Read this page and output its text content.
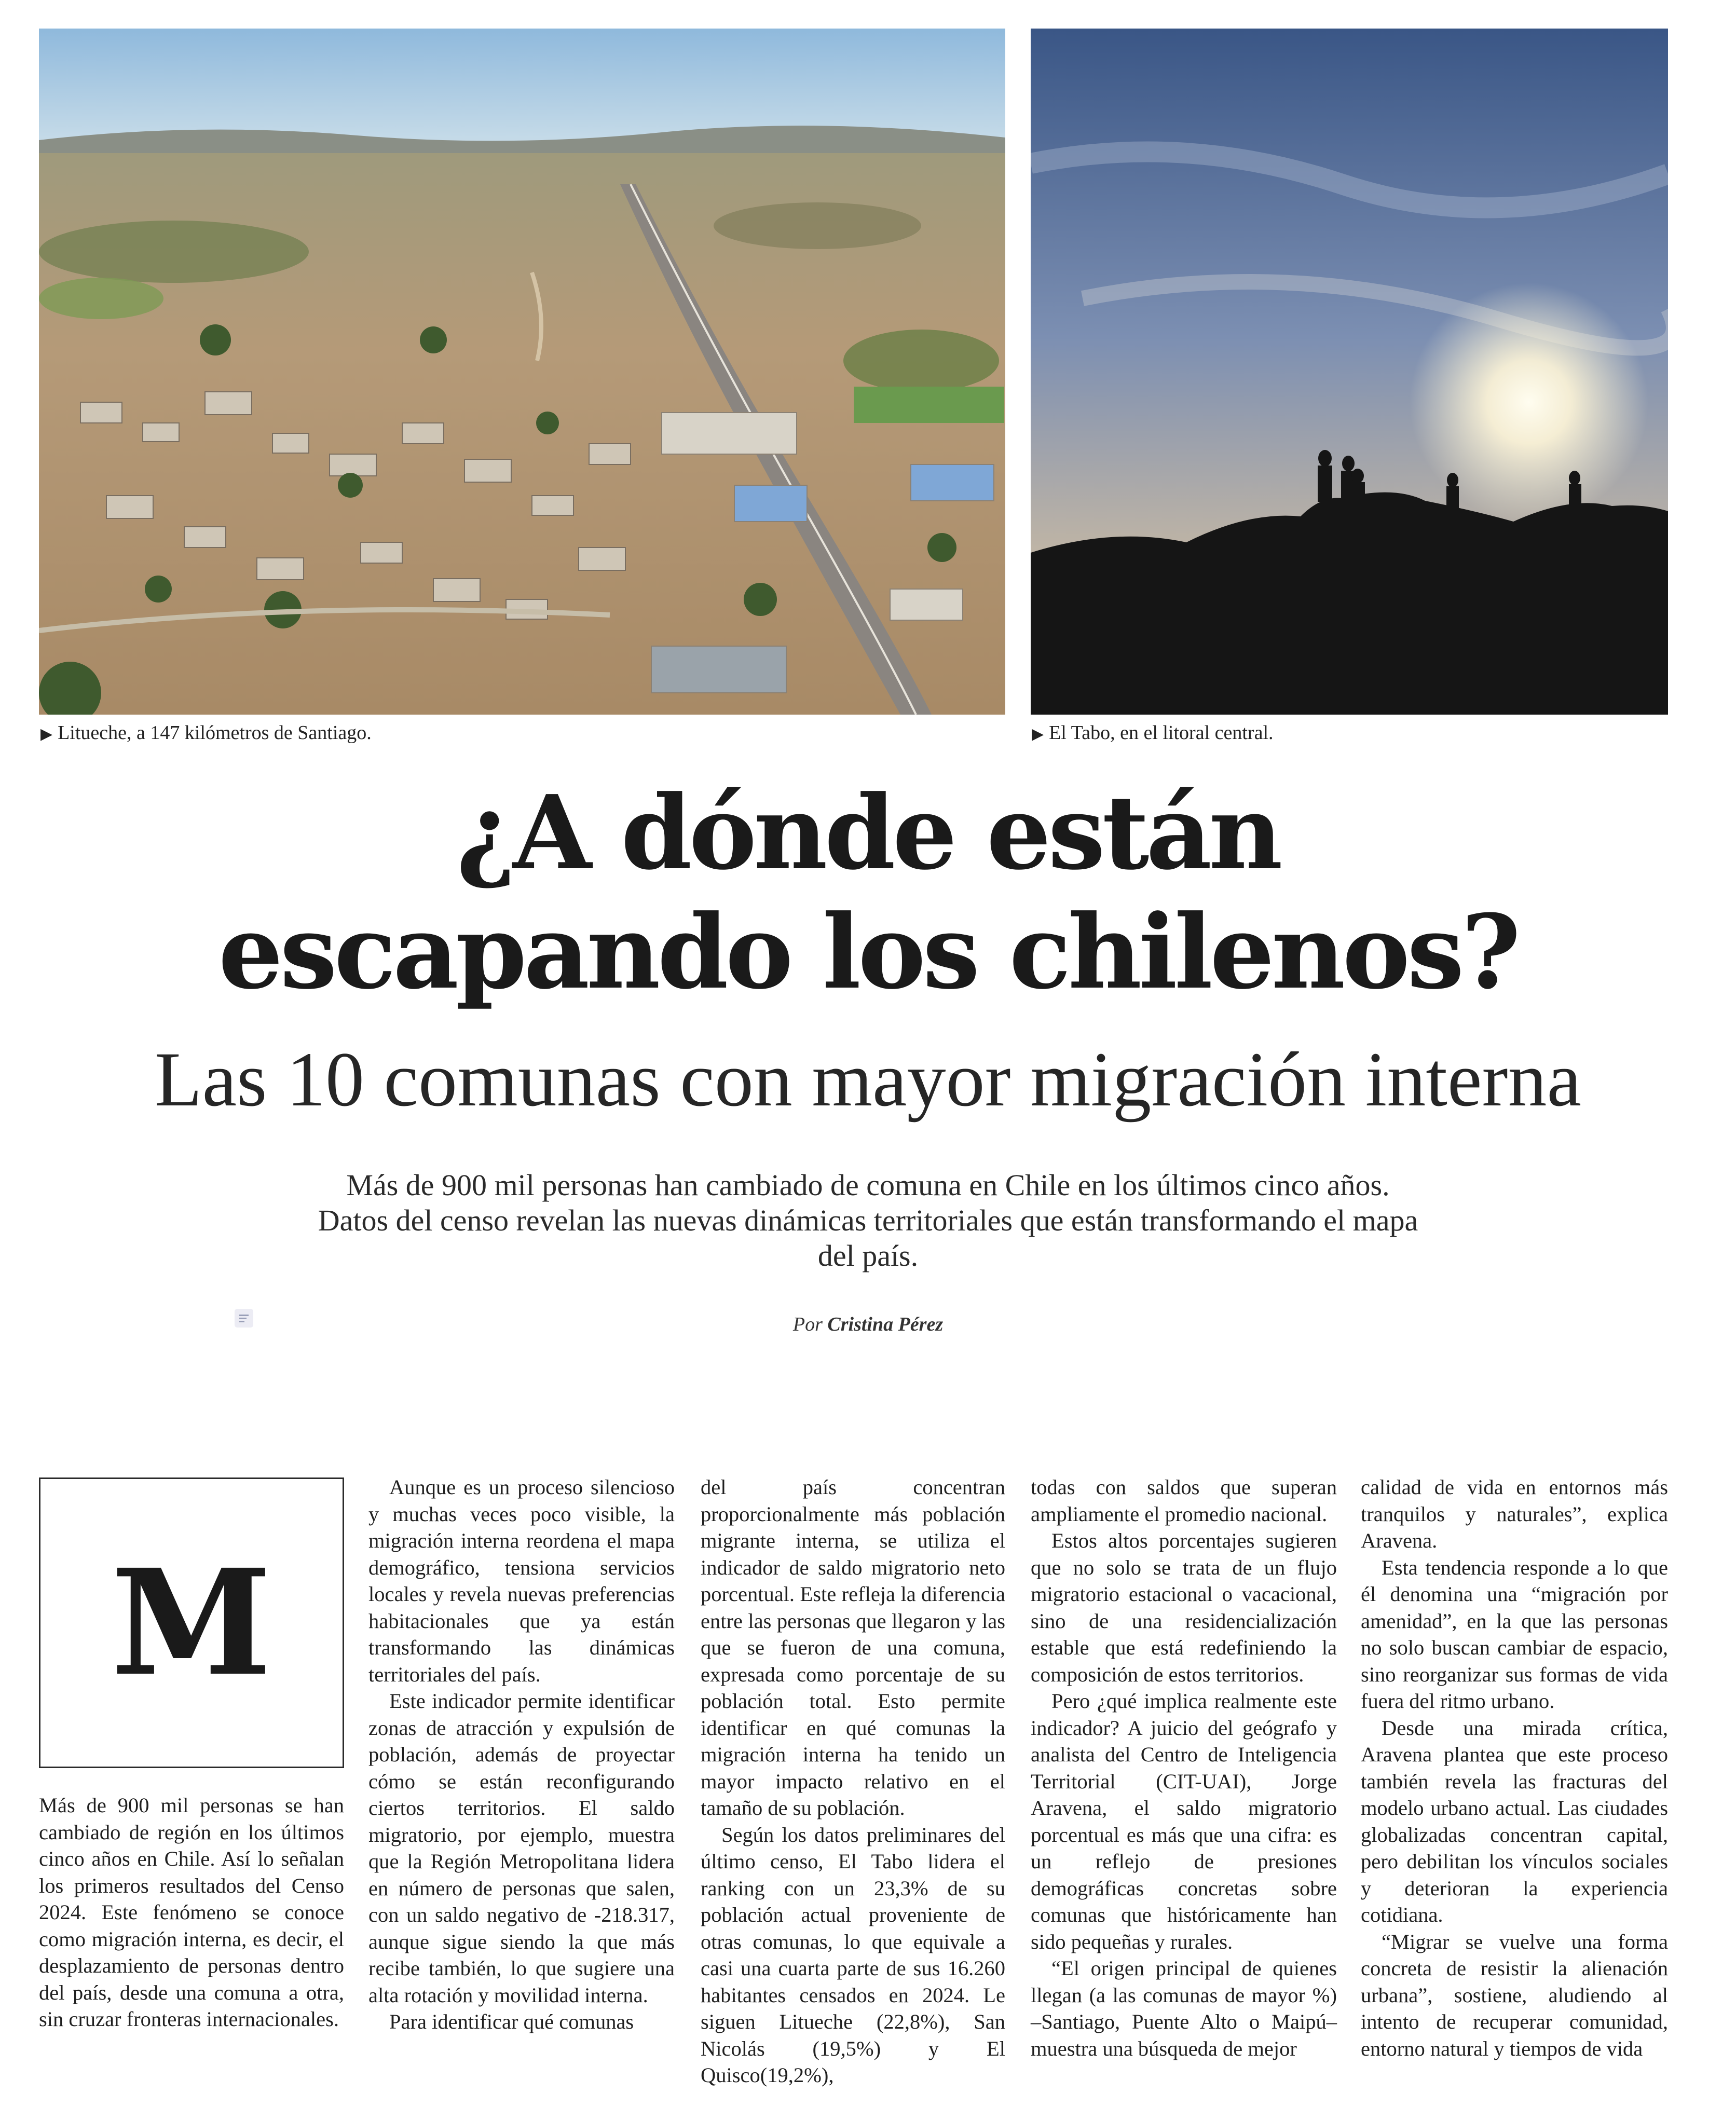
▶ Litueche, a 147 kilómetros de Santiago.	▶ El Tabo, en el litoral central.
¿A dónde están
escapando los chilenos?
Las 10 comunas con mayor migración interna
Más de 900 mil personas han cambiado de comuna en Chile en los últimos cinco años. Datos del censo revelan las nuevas dinámicas territoriales que están transformando el mapa del país.
Por Cristina Pérez
M

Más de 900 mil personas se han cambiado de región en los últimos cinco años en Chile. Así lo señalan los primeros resultados del Censo 2024. Este fenómeno se conoce como migración interna, es decir, el desplazamiento de personas dentro del país, desde una comuna a otra, sin cruzar fronteras internacionales.

Aunque es un proceso silencioso y muchas veces poco visible, la migración interna reordena el mapa demográfico, tensiona servicios locales y revela nuevas preferencias habitacionales que ya están transformando las dinámicas territoriales del país.

Este indicador permite identificar zonas de atracción y expulsión de población, además de proyectar cómo se están reconfigurando ciertos territorios. El saldo migratorio, por ejemplo, muestra que la Región Metropolitana lidera en número de personas que salen, con un saldo negativo de -218.317, aunque sigue siendo la que más recibe también, lo que sugiere una alta rotación y movilidad interna.

Para identificar qué comunas

del país concentran proporcionalmente más población migrante interna, se utiliza el indicador de saldo migratorio neto porcentual. Este refleja la diferencia entre las personas que llegaron y las que se fueron de una comuna, expresada como porcentaje de su población total. Esto permite identificar en qué comunas la migración interna ha tenido un mayor impacto relativo en el tamaño de su población.

Según los datos preliminares del último censo, El Tabo lidera el ranking con un 23,3% de su población actual proveniente de otras comunas, lo que equivale a casi una cuarta parte de sus 16.260 habitantes censados en 2024. Le siguen Litueche (22,8%), San Nicolás (19,5%) y El Quisco(19,2%),

todas con saldos que superan ampliamente el promedio nacional.

Estos altos porcentajes sugieren que no solo se trata de un flujo migratorio estacional o vacacional, sino de una residencialización estable que está redefiniendo la composición de estos territorios.

Pero ¿qué implica realmente este indicador? A juicio del geógrafo y analista del Centro de Inteligencia Territorial (CIT-UAI), Jorge Aravena, el saldo migratorio porcentual es más que una cifra: es un reflejo de presiones demográficas concretas sobre comunas que históricamente han sido pequeñas y rurales.

“El origen principal de quienes llegan (a las comunas de mayor %) –Santiago, Puente Alto o Maipú– muestra una búsqueda de mejor

calidad de vida en entornos más tranquilos y naturales”, explica Aravena.

Esta tendencia responde a lo que él denomina una “migración por amenidad”, en la que las personas no solo buscan cambiar de espacio, sino reorganizar sus formas de vida fuera del ritmo urbano.

Desde una mirada crítica, Aravena plantea que este proceso también revela las fracturas del modelo urbano actual. Las ciudades globalizadas concentran capital, pero debilitan los vínculos sociales y deterioran la experiencia cotidiana.

“Migrar se vuelve una forma concreta de resistir la alienación urbana”, sostiene, aludiendo al intento de recuperar comunidad, entorno natural y tiempos de vida
